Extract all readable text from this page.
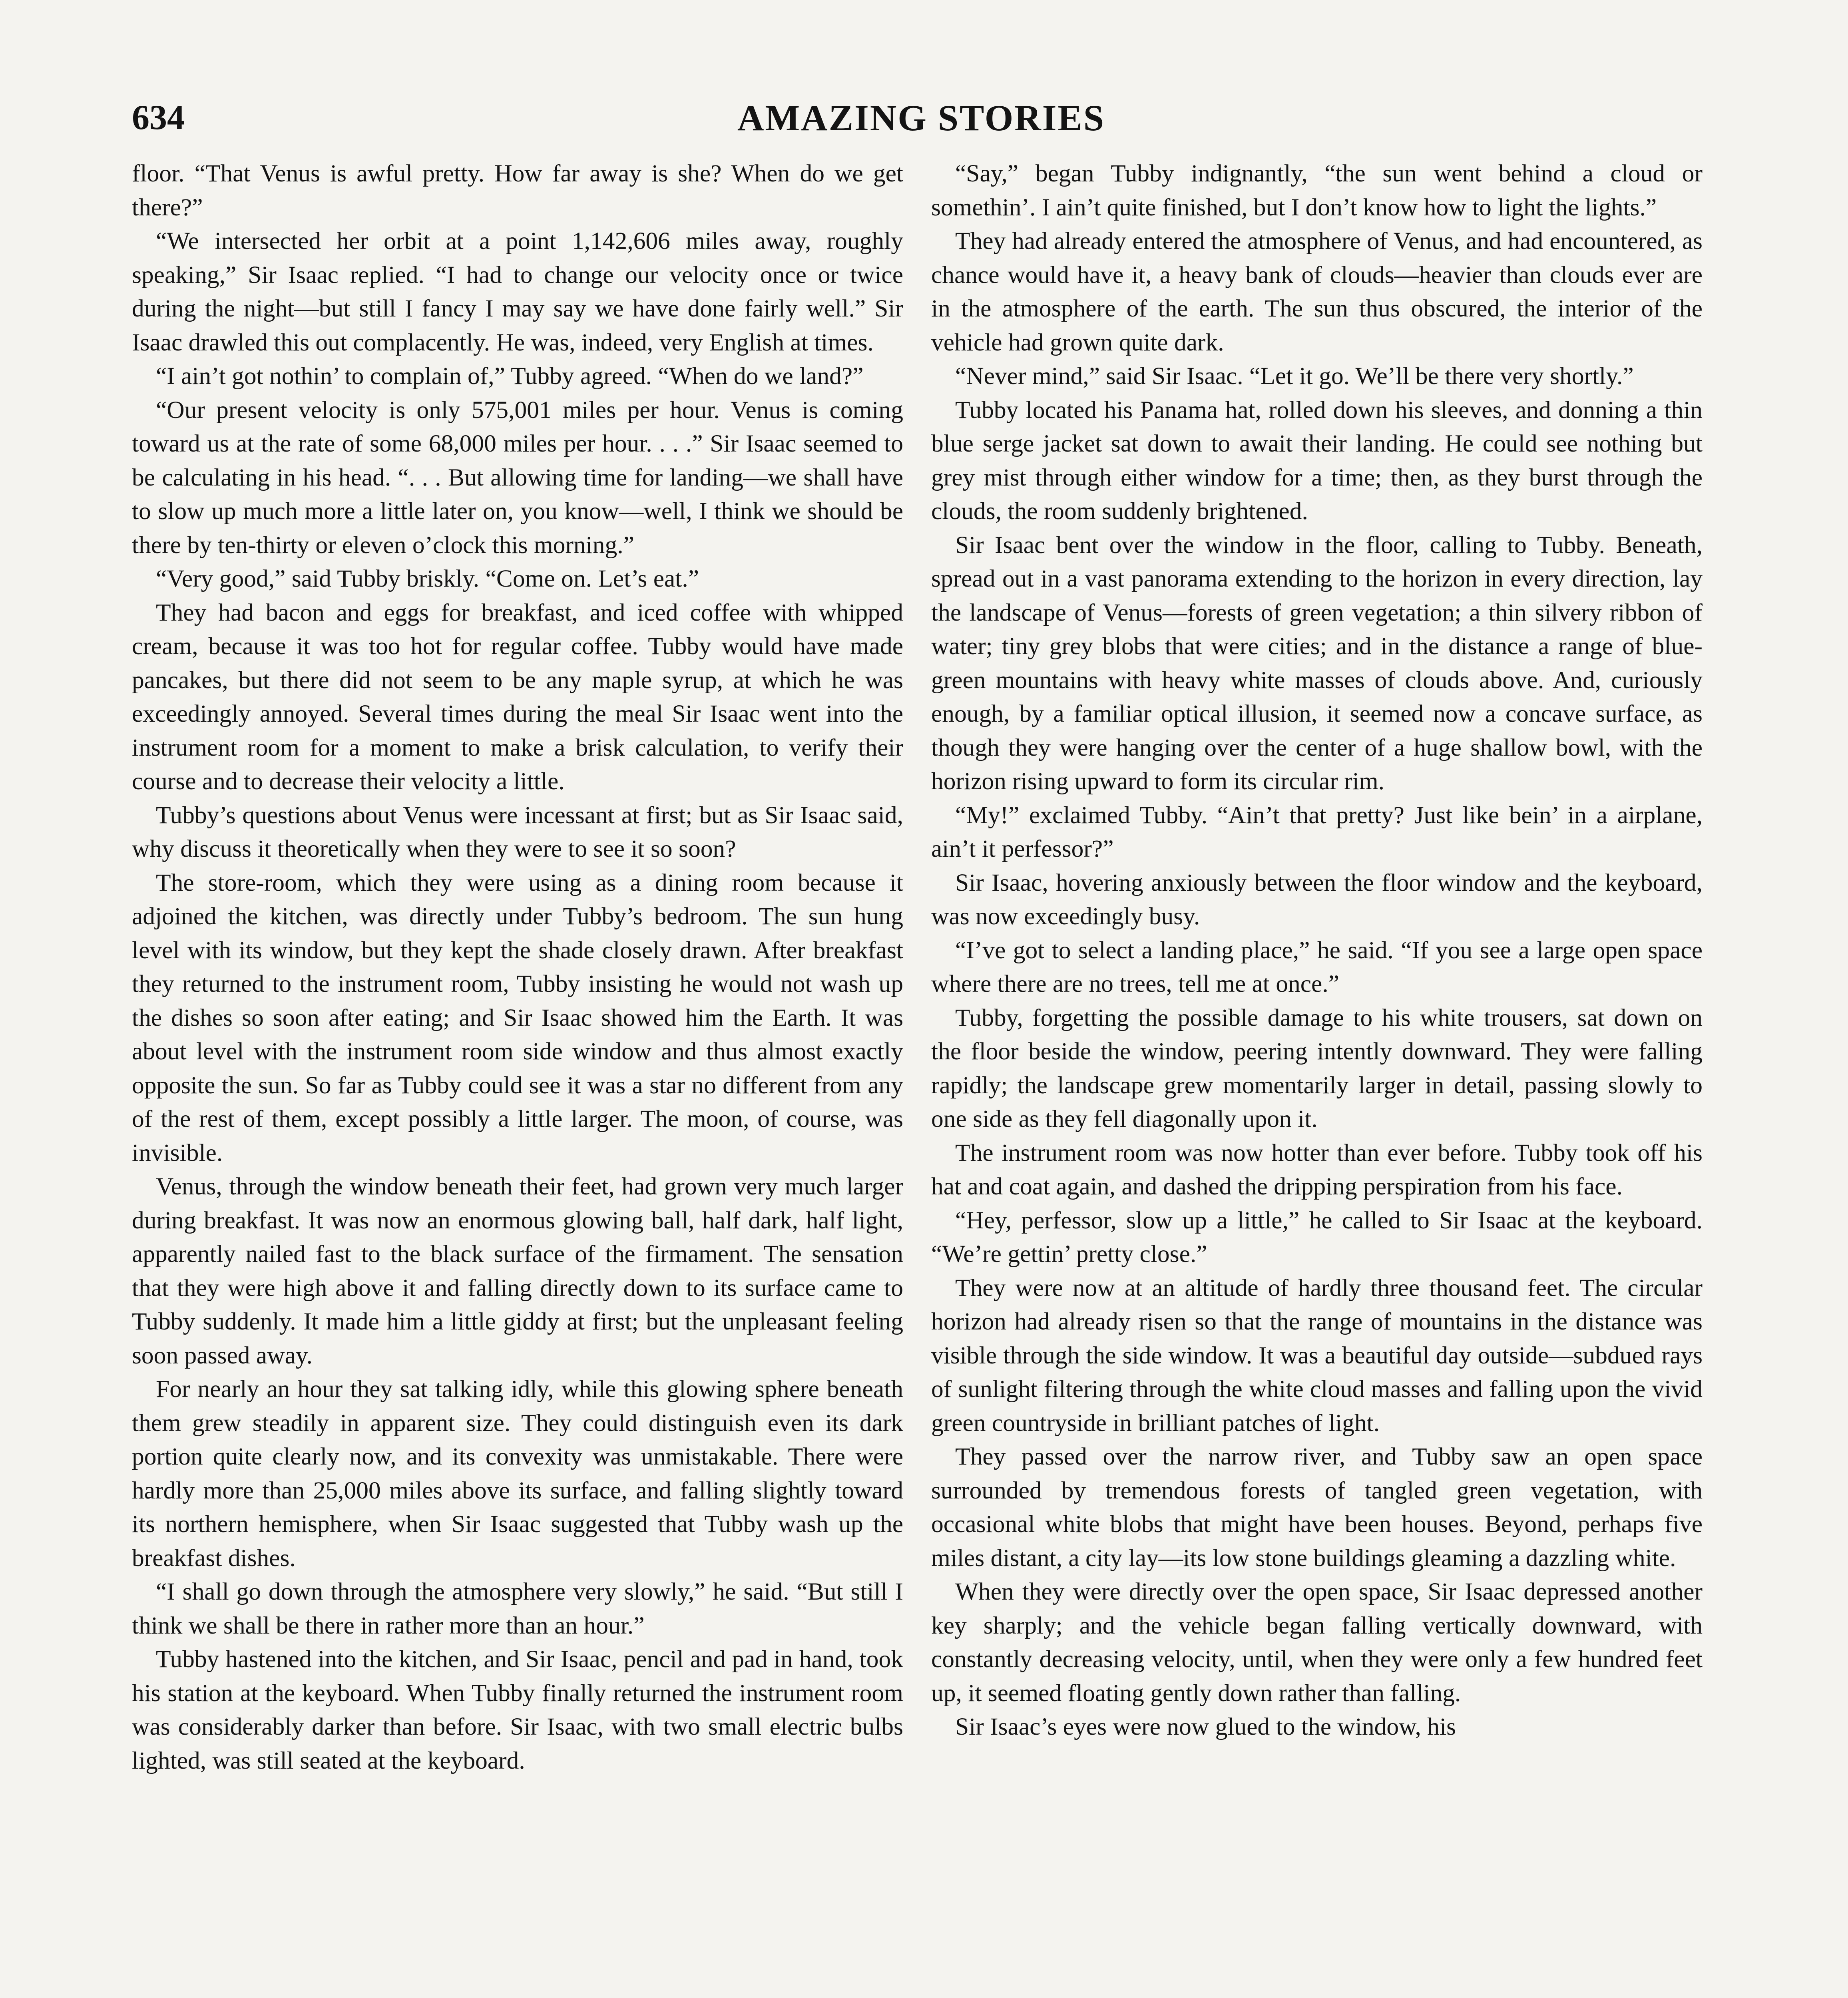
634	AMAZING STORIES

floor. “That Venus is awful pretty. How far away is she? When do we get there?”

“We intersected her orbit at a point 1,142,606 miles away, roughly speaking,” Sir Isaac replied. “I had to change our velocity once or twice during the night—but still I fancy I may say we have done fairly well.” Sir Isaac drawled this out complacently. He was, indeed, very English at times.

“I ain’t got nothin’ to complain of,” Tubby agreed. “When do we land?”

“Our present velocity is only 575,001 miles per hour. Venus is coming toward us at the rate of some 68,000 miles per hour. . . .” Sir Isaac seemed to be calculating in his head. “. . . But allowing time for landing—we shall have to slow up much more a little later on, you know—well, I think we should be there by ten-thirty or eleven o’clock this morning.”

“Very good,” said Tubby briskly. “Come on. Let’s eat.”

They had bacon and eggs for breakfast, and iced coffee with whipped cream, because it was too hot for regular coffee. Tubby would have made pancakes, but there did not seem to be any maple syrup, at which he was exceedingly annoyed. Several times during the meal Sir Isaac went into the instrument room for a moment to make a brisk calculation, to verify their course and to decrease their velocity a little.

Tubby’s questions about Venus were incessant at first; but as Sir Isaac said, why discuss it theoretically when they were to see it so soon?

The store-room, which they were using as a dining room because it adjoined the kitchen, was directly under Tubby’s bedroom. The sun hung level with its window, but they kept the shade closely drawn. After breakfast they returned to the instrument room, Tubby insisting he would not wash up the dishes so soon after eating; and Sir Isaac showed him the Earth. It was about level with the instrument room side window and thus almost exactly opposite the sun. So far as Tubby could see it was a star no different from any of the rest of them, except possibly a little larger. The moon, of course, was invisible.

Venus, through the window beneath their feet, had grown very much larger during breakfast. It was now an enormous glowing ball, half dark, half light, apparently nailed fast to the black surface of the firmament. The sensation that they were high above it and falling directly down to its surface came to Tubby suddenly. It made him a little giddy at first; but the unpleasant feeling soon passed away.

For nearly an hour they sat talking idly, while this glowing sphere beneath them grew steadily in apparent size. They could distinguish even its dark portion quite clearly now, and its convexity was unmistakable. There were hardly more than 25,000 miles above its surface, and falling slightly toward its northern hemisphere, when Sir Isaac suggested that Tubby wash up the breakfast dishes.

“I shall go down through the atmosphere very slowly,” he said. “But still I think we shall be there in rather more than an hour.”

Tubby hastened into the kitchen, and Sir Isaac, pencil and pad in hand, took his station at the keyboard. When Tubby finally returned the instrument room was considerably darker than before. Sir Isaac, with two small electric bulbs lighted, was still seated at the keyboard.

“Say,” began Tubby indignantly, “the sun went behind a cloud or somethin’. I ain’t quite finished, but I don’t know how to light the lights.”

They had already entered the atmosphere of Venus, and had encountered, as chance would have it, a heavy bank of clouds—heavier than clouds ever are in the atmosphere of the earth. The sun thus obscured, the interior of the vehicle had grown quite dark.

“Never mind,” said Sir Isaac. “Let it go. We’ll be there very shortly.”

Tubby located his Panama hat, rolled down his sleeves, and donning a thin blue serge jacket sat down to await their landing. He could see nothing but grey mist through either window for a time; then, as they burst through the clouds, the room suddenly brightened.

Sir Isaac bent over the window in the floor, calling to Tubby. Beneath, spread out in a vast panorama extending to the horizon in every direction, lay the landscape of Venus—forests of green vegetation; a thin silvery ribbon of water; tiny grey blobs that were cities; and in the distance a range of blue-green mountains with heavy white masses of clouds above. And, curiously enough, by a familiar optical illusion, it seemed now a concave surface, as though they were hanging over the center of a huge shallow bowl, with the horizon rising upward to form its circular rim.

“My!” exclaimed Tubby. “Ain’t that pretty? Just like bein’ in a airplane, ain’t it perfessor?”

Sir Isaac, hovering anxiously between the floor window and the keyboard, was now exceedingly busy.

“I’ve got to select a landing place,” he said. “If you see a large open space where there are no trees, tell me at once.”

Tubby, forgetting the possible damage to his white trousers, sat down on the floor beside the window, peering intently downward. They were falling rapidly; the landscape grew momentarily larger in detail, passing slowly to one side as they fell diagonally upon it.

The instrument room was now hotter than ever before. Tubby took off his hat and coat again, and dashed the dripping perspiration from his face.

“Hey, perfessor, slow up a little,” he called to Sir Isaac at the keyboard. “We’re gettin’ pretty close.”

They were now at an altitude of hardly three thousand feet. The circular horizon had already risen so that the range of mountains in the distance was visible through the side window. It was a beautiful day outside—subdued rays of sunlight filtering through the white cloud masses and falling upon the vivid green countryside in brilliant patches of light.

They passed over the narrow river, and Tubby saw an open space surrounded by tremendous forests of tangled green vegetation, with occasional white blobs that might have been houses. Beyond, perhaps five miles distant, a city lay—its low stone buildings gleaming a dazzling white.

When they were directly over the open space, Sir Isaac depressed another key sharply; and the vehicle began falling vertically downward, with constantly decreasing velocity, until, when they were only a few hundred feet up, it seemed floating gently down rather than falling.

Sir Isaac’s eyes were now glued to the window, his
